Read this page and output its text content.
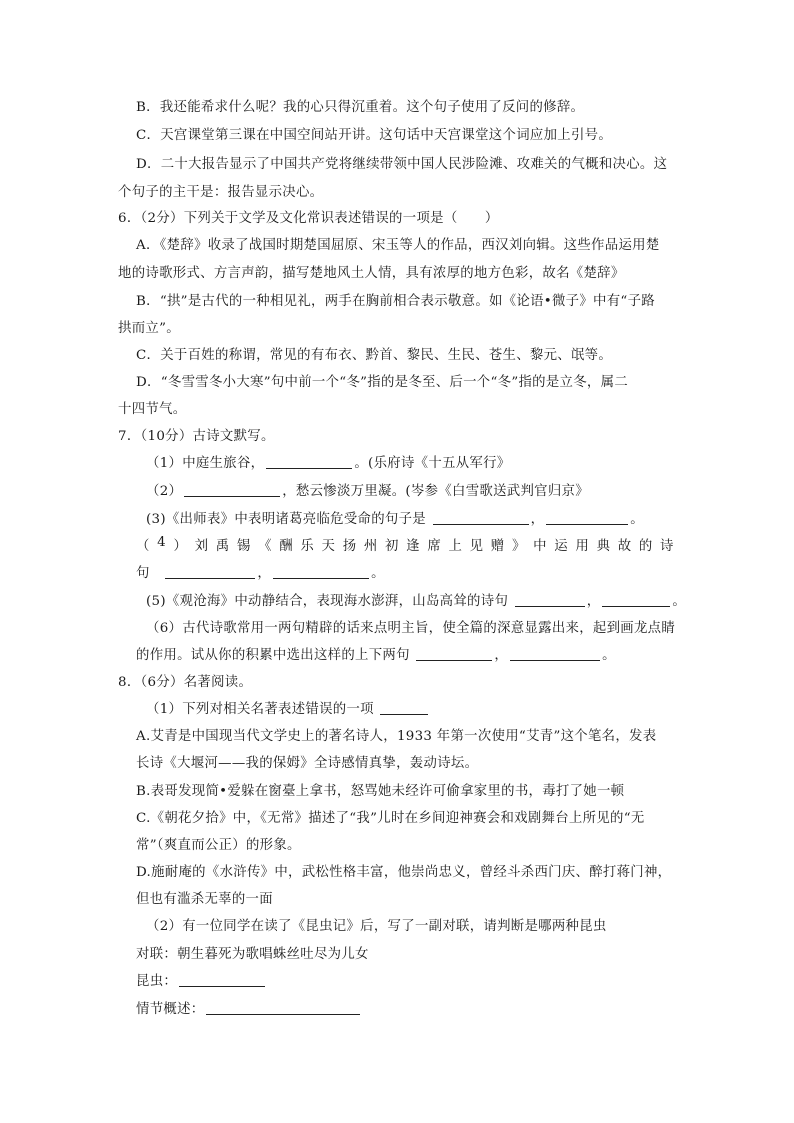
B．我还能希求什么呢？我的心只得沉重着。这个句子使用了反问的修辞。
C．天宫课堂第三课在中国空间站开讲。这句话中天宫课堂这个词应加上引号。
D．二十大报告显示了中国共产党将继续带领中国人民涉险滩、攻难关的气概和决心。这
个句子的主干是：报告显示决心。
6．（2分）下列关于文学及文化常识表述错误的一项是（　　）
A．《楚辞》收录了战国时期楚国屈原、宋玉等人的作品，西汉刘向辑。这些作品运用楚
地的诗歌形式、方言声韵，描写楚地风土人情，具有浓厚的地方色彩，故名《楚辞》
B．“拱”是古代的一种相见礼，两手在胸前相合表示敬意。如《论语•微子》中有“子路
拱而立”。
C．关于百姓的称谓，常见的有布衣、黔首、黎民、生民、苍生、黎元、氓等。
D．“冬雪雪冬小大寒”句中前一个“冬”指的是冬至、后一个“冬”指的是立冬，属二
十四节气。
7．（10分）古诗文默写。
（1）中庭生旅谷，	。(乐府诗《十五从军行》
（2）	，愁云惨淡万里凝。(岑参《白雪歌送武判官归京》
(3)《出师表》中表明诸葛亮临危受命的句子是	，	。
（ 4 ） 刘 禹 锡 《 酬 乐 天 扬 州 初 逢 席 上 见 赠 》 中 运 用 典 故 的 诗
句　	，	。
(5)《观沧海》中动静结合，表现海水澎湃，山岛高耸的诗句	，	。
（6）古代诗歌常用一两句精辟的话来点明主旨，使全篇的深意显露出来，起到画龙点睛
的作用。试从你的积累中选出这样的上下两句	，	。
8．（6分）名著阅读。
（1）下列对相关名著表述错误的一项
A.艾青是中国现当代文学史上的著名诗人，1933 年第一次使用“艾青”这个笔名，发表
长诗《大堰河——我的保姆》全诗感情真挚，轰动诗坛。
B.表哥发现简•爱躲在窗臺上拿书，怒骂她未经许可偷拿家里的书，毒打了她一顿
C.《朝花夕拾》中，《无常》描述了“我”儿时在乡间迎神赛会和戏剧舞台上所见的“无
常”（爽直而公正）的形象。
D.施耐庵的《水浒传》中，武松性格丰富，他崇尚忠义，曾经斗杀西门庆、醉打蒋门神，
但也有滥杀无辜的一面
（2）有一位同学在读了《昆虫记》后，写了一副对联，请判断是哪两种昆虫
对联：朝生暮死为歌唱蛛丝吐尽为儿女
昆虫：
情节概述：
